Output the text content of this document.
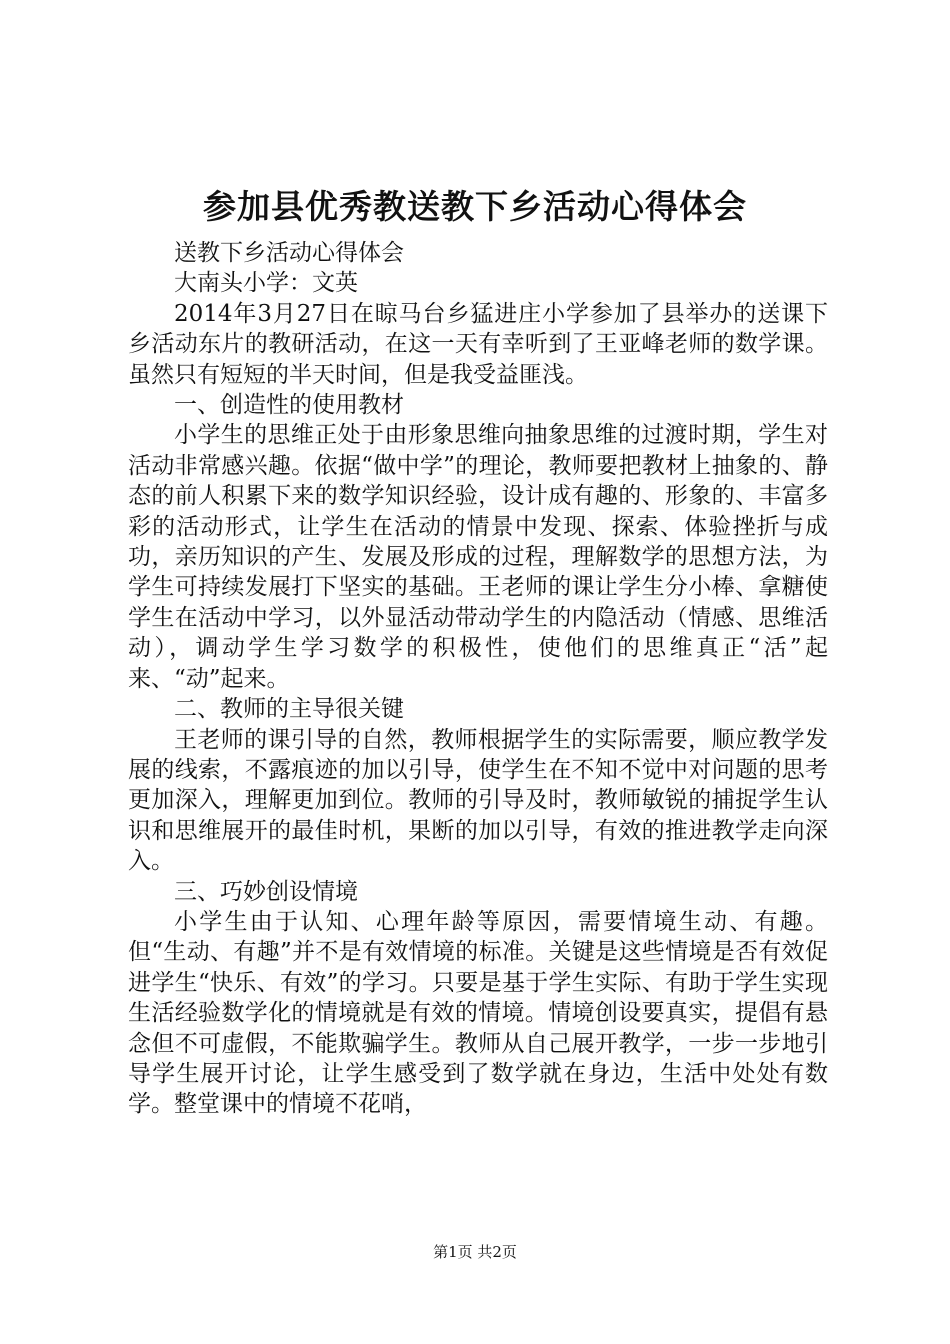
参加县优秀教送教下乡活动心得体会

送教下乡活动心得体会

大南头小学：文英

2014年3月27日在晾马台乡猛进庄小学参加了县举办的送课下乡活动东片的教研活动，在这一天有幸听到了王亚峰老师的数学课。虽然只有短短的半天时间，但是我受益匪浅。

一、创造性的使用教材

小学生的思维正处于由形象思维向抽象思维的过渡时期，学生对活动非常感兴趣。依据“做中学”的理论，教师要把教材上抽象的、静态的前人积累下来的数学知识经验，设计成有趣的、形象的、丰富多彩的活动形式，让学生在活动的情景中发现、探索、体验挫折与成功，亲历知识的产生、发展及形成的过程，理解数学的思想方法，为学生可持续发展打下坚实的基础。王老师的课让学生分小棒、拿糖使学生在活动中学习，以外显活动带动学生的内隐活动（情感、思维活动），调动学生学习数学的积极性，使他们的思维真正“活”起来、“动”起来。

二、教师的主导很关键

王老师的课引导的自然，教师根据学生的实际需要，顺应教学发展的线索，不露痕迹的加以引导，使学生在不知不觉中对问题的思考更加深入，理解更加到位。教师的引导及时，教师敏锐的捕捉学生认识和思维展开的最佳时机，果断的加以引导，有效的推进教学走向深入。

三、巧妙创设情境

小学生由于认知、心理年龄等原因，需要情境生动、有趣。但“生动、有趣”并不是有效情境的标准。关键是这些情境是否有效促进学生“快乐、有效”的学习。只要是基于学生实际、有助于学生实现生活经验数学化的情境就是有效的情境。情境创设要真实，提倡有悬念但不可虚假，不能欺骗学生。教师从自己展开教学，一步一步地引导学生展开讨论，让学生感受到了数学就在身边，生活中处处有数学。整堂课中的情境不花哨，

第1页 共2页
